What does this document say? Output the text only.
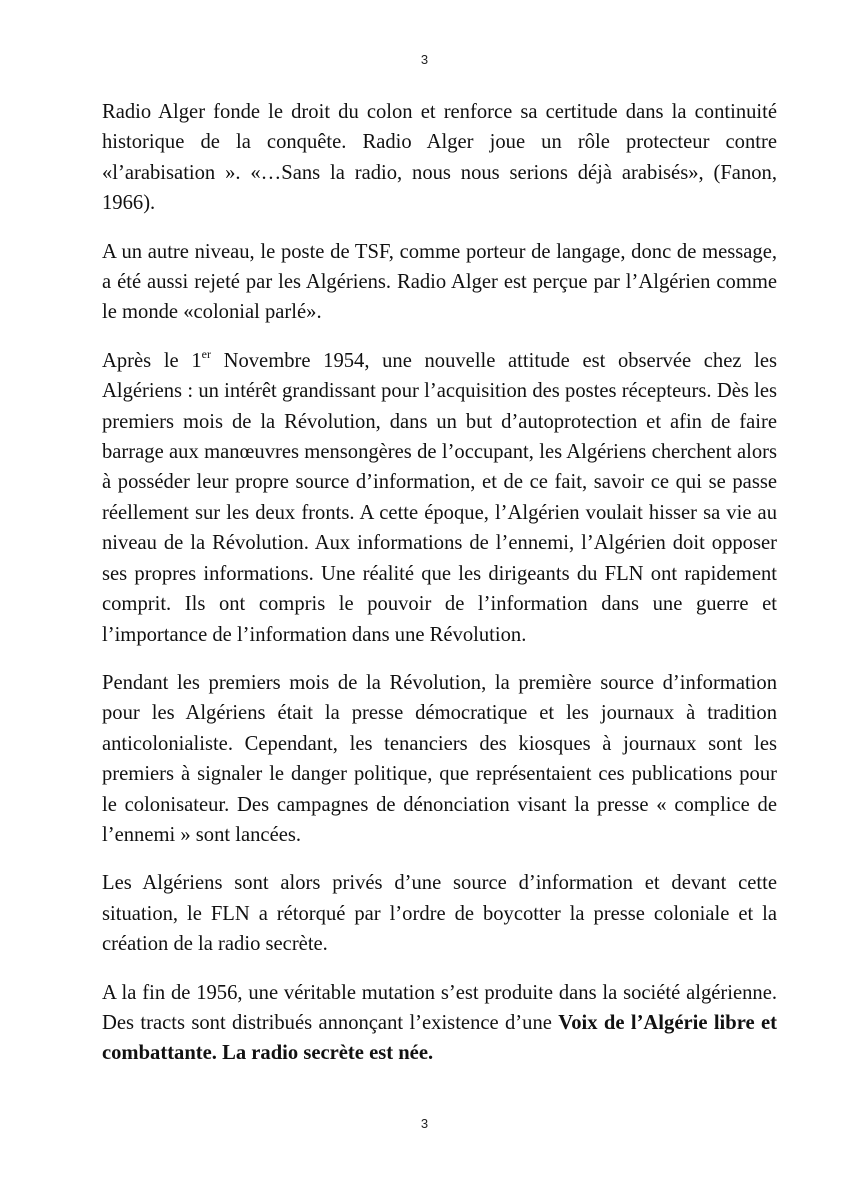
3

Radio Alger fonde le droit du colon et renforce sa certitude dans la continuité historique de la conquête. Radio Alger joue un rôle protecteur contre «l’arabisation ». «…Sans la radio, nous nous serions déjà arabisés», (Fanon, 1966).

A un autre niveau, le poste de TSF, comme porteur de langage, donc de message, a été aussi rejeté par les Algériens. Radio Alger est perçue par l’Algérien comme le monde «colonial parlé».

Après le 1er Novembre 1954, une nouvelle attitude est observée chez les Algériens : un intérêt grandissant pour l’acquisition des postes récepteurs. Dès les premiers mois de la Révolution, dans un but d’autoprotection et afin de faire barrage aux manœuvres mensongères de l’occupant, les Algériens cherchent alors à posséder leur propre source d’information, et de ce fait, savoir ce qui se passe réellement sur les deux fronts. A cette époque, l’Algérien voulait hisser sa vie au niveau de la Révolution. Aux informations de l’ennemi, l’Algérien doit opposer ses propres informations. Une réalité que les dirigeants du FLN ont rapidement comprit. Ils ont compris le pouvoir de l’information dans une guerre et l’importance de l’information dans une Révolution.

Pendant les premiers mois de la Révolution, la première source d’information pour les Algériens était la presse démocratique et les journaux à tradition anticolonialiste. Cependant, les tenanciers des kiosques à journaux sont les premiers à signaler le danger politique, que représentaient ces publications pour le colonisateur. Des campagnes de dénonciation visant la presse « complice de l’ennemi » sont lancées.

Les Algériens sont alors privés d’une source d’information et devant cette situation, le FLN a rétorqué par l’ordre de boycotter la presse coloniale et la création de la radio secrète.

A la fin de 1956, une véritable mutation s’est produite dans la société algérienne. Des tracts sont distribués annonçant l’existence d’une Voix de l’Algérie libre et combattante. La radio secrète est née.

3
